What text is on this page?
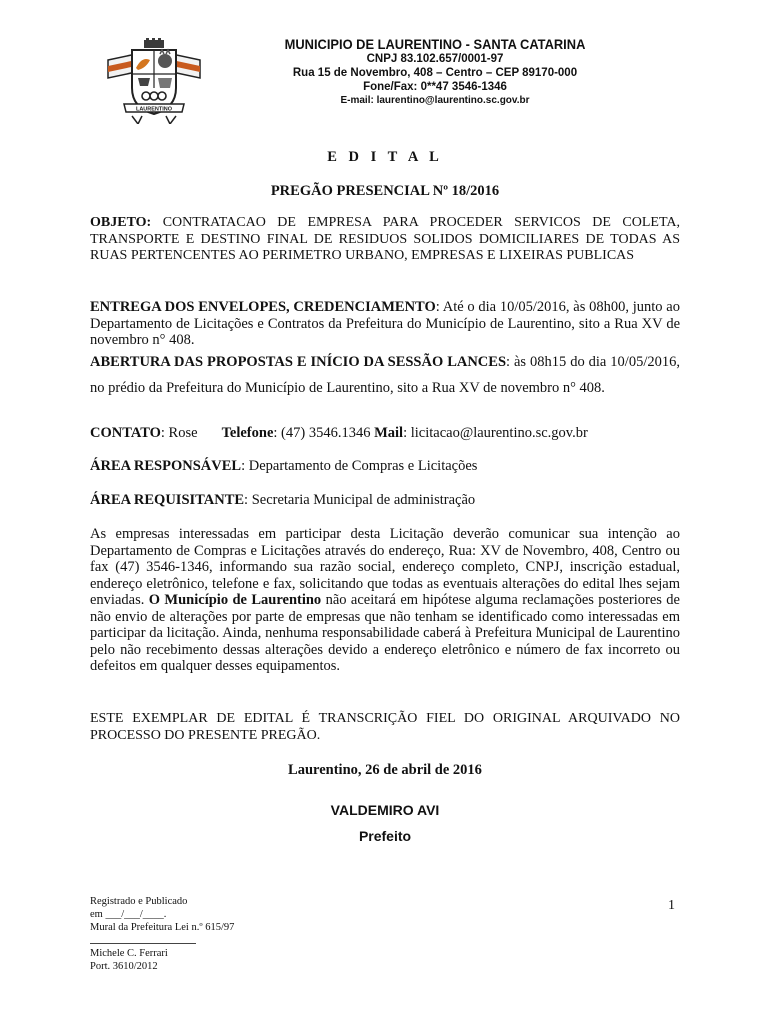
LAURENTINO
MUNICIPIO DE LAURENTINO - SANTA CATARINA
CNPJ 83.102.657/0001-97
Rua 15 de Novembro, 408 – Centro – CEP 89170-000
Fone/Fax: 0**47 3546-1346
E-mail: laurentino@laurentino.sc.gov.br
E D I T A L
PREGÃO PRESENCIAL Nº 18/2016
OBJETO: CONTRATACAO DE EMPRESA PARA PROCEDER SERVICOS DE COLETA, TRANSPORTE E DESTINO FINAL DE RESIDUOS SOLIDOS DOMICILIARES DE TODAS AS RUAS PERTENCENTES AO PERIMETRO URBANO, EMPRESAS E LIXEIRAS PUBLICAS
ENTREGA DOS ENVELOPES, CREDENCIAMENTO: Até o dia 10/05/2016, às 08h00, junto ao Departamento de Licitações e Contratos da Prefeitura do Município de Laurentino, sito a Rua XV de novembro n° 408.
ABERTURA DAS PROPOSTAS E INÍCIO DA SESSÃO LANCES: às 08h15 do dia 10/05/2016, no prédio da Prefeitura do Município de Laurentino, sito a Rua XV de novembro n° 408.
CONTATO: Rose Telefone: (47) 3546.1346 Mail: licitacao@laurentino.sc.gov.br
ÁREA RESPONSÁVEL: Departamento de Compras e Licitações
ÁREA REQUISITANTE: Secretaria Municipal de administração
As empresas interessadas em participar desta Licitação deverão comunicar sua intenção ao Departamento de Compras e Licitações através do endereço, Rua: XV de Novembro, 408, Centro ou fax (47) 3546-1346, informando sua razão social, endereço completo, CNPJ, inscrição estadual, endereço eletrônico, telefone e fax, solicitando que todas as eventuais alterações do edital lhes sejam enviadas. O Município de Laurentino não aceitará em hipótese alguma reclamações posteriores de não envio de alterações por parte de empresas que não tenham se identificado como interessadas em participar da licitação. Ainda, nenhuma responsabilidade caberá à Prefeitura Municipal de Laurentino pelo não recebimento dessas alterações devido a endereço eletrônico e número de fax incorreto ou defeitos em qualquer desses equipamentos.
ESTE EXEMPLAR DE EDITAL É TRANSCRIÇÃO FIEL DO ORIGINAL ARQUIVADO NO PROCESSO DO PRESENTE PREGÃO.
Laurentino, 26 de abril de 2016
VALDEMIRO AVI
Prefeito
Registrado e Publicado
em ___/___/____.
Mural da Prefeitura Lei n.º 615/97
Michele C. Ferrari
Port. 3610/2012
1
